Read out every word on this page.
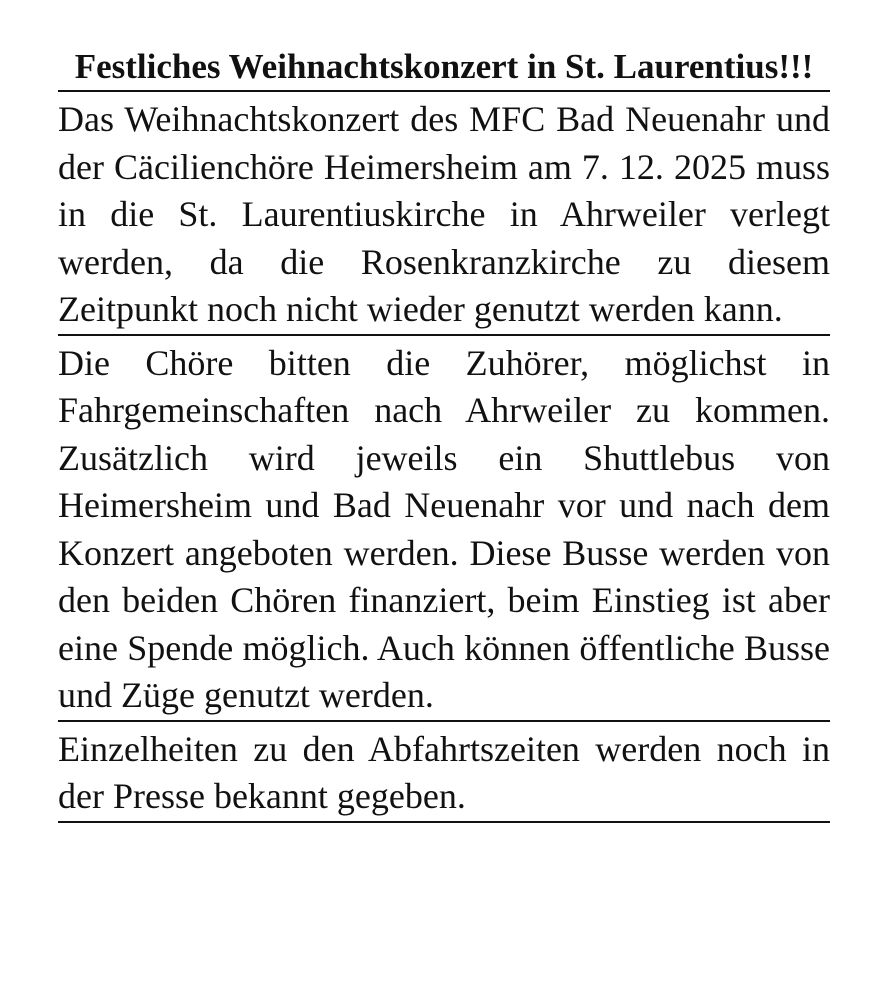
Festliches Weihnachtskonzert in St. Laurentius!!!

Das Weihnachtskonzert des MFC Bad Neuenahr und der Cäcilienchöre Heimersheim am 7. 12. 2025 muss in die St. Laurentiuskirche in Ahrweiler verlegt werden, da die Rosenkranzkirche zu diesem Zeitpunkt noch nicht wieder genutzt werden kann.

Die Chöre bitten die Zuhörer, möglichst in Fahrgemeinschaften nach Ahrweiler zu kommen. Zusätzlich wird jeweils ein Shuttlebus von Heimersheim und Bad Neuenahr vor und nach dem Konzert angeboten werden. Diese Busse werden von den beiden Chören finanziert, beim Einstieg ist aber eine Spende möglich. Auch können öffentliche Busse und Züge genutzt werden.

Einzelheiten zu den Abfahrtszeiten werden noch in der Presse bekannt gegeben.
